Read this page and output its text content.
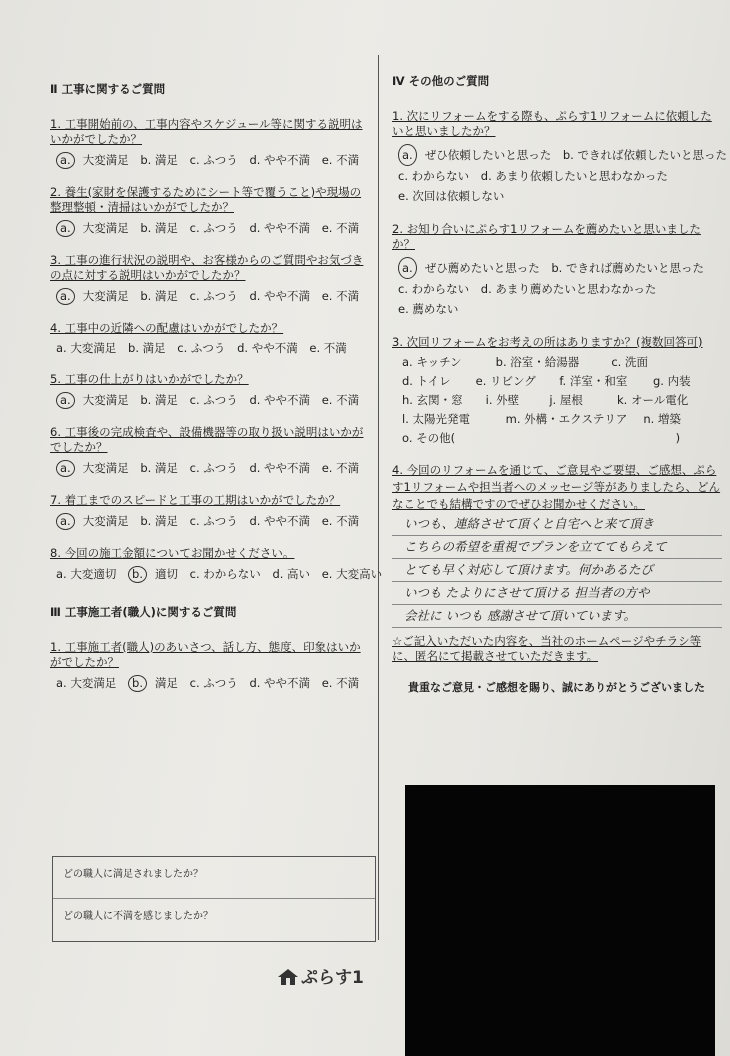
Ⅱ 工事に関するご質問
1. 工事開始前の、工事内容やスケジュール等に関する説明はいかがでしたか？
a. 大変満足 b. 満足 c. ふつう d. やや不満 e. 不満
2. 養生(家財を保護するためにシート等で覆うこと)や現場の整理整頓・清掃はいかがでしたか？
a. 大変満足 b. 満足 c. ふつう d. やや不満 e. 不満
3. 工事の進行状況の説明や、お客様からのご質問やお気づきの点に対する説明はいかがでしたか？
a. 大変満足 b. 満足 c. ふつう d. やや不満 e. 不満
4. 工事中の近隣への配慮はいかがでしたか？
a. 大変満足 b. 満足 c. ふつう d. やや不満 e. 不満
5. 工事の仕上がりはいかがでしたか？
a. 大変満足 b. 満足 c. ふつう d. やや不満 e. 不満
6. 工事後の完成検査や、設備機器等の取り扱い説明はいかがでしたか？
a. 大変満足 b. 満足 c. ふつう d. やや不満 e. 不満
7. 着工までのスピードと工事の工期はいかがでしたか？
a. 大変満足 b. 満足 c. ふつう d. やや不満 e. 不満
8. 今回の施工金額についてお聞かせください。
a. 大変適切 b. 適切 c. わからない d. 高い e. 大変高い
Ⅲ 工事施工者(職人)に関するご質問
1. 工事施工者(職人)のあいさつ、話し方、態度、印象はいかがでしたか？
a. 大変満足 b. 満足 c. ふつう d. やや不満 e. 不満
どの職人に満足されましたか？
どの職人に不満を感じましたか？
Ⅳ その他のご質問
1. 次にリフォームをする際も、ぷらす1リフォームに依頼したいと思いましたか？
a. ぜひ依頼したいと思った b. できれば依頼したいと思った
c. わからない d. あまり依頼したいと思わなかった
e. 次回は依頼しない
2. お知り合いにぷらす1リフォームを薦めたいと思いましたか？
a. ぜひ薦めたいと思った b. できれば薦めたいと思った
c. わからない d. あまり薦めたいと思わなかった
e. 薦めない
3. 次回リフォームをお考えの所はありますか？(複数回答可)
a. キッチン	b. 浴室・給湯器	c. 洗面
d. トイレ e. リビング f. 洋室・和室 g. 内装
h. 玄関・窓 i. 外壁	j. 屋根	k. オール電化
l. 太陽光発電	m. 外構・エクステリア n. 増築
o. その他(	)
4. 今回のリフォームを通じて、ご意見やご要望、ご感想、ぷらす1リフォームや担当者へのメッセージ等がありましたら、どんなことでも結構ですのでぜひお聞かせください。
いつも、連絡させて頂くと自宅へと来て頂き
こちらの希望を重視でプランを立ててもらえて
とても早く対応して頂けます。何かあるたび
いつも たよりにさせて頂ける 担当者の方や
会社に いつも 感謝させて頂いています。
☆ご記入いただいた内容を、当社のホームページやチラシ等に、匿名にて掲載させていただきます。
貴重なご意見・ご感想を賜り、誠にありがとうございました
ぷらす1
